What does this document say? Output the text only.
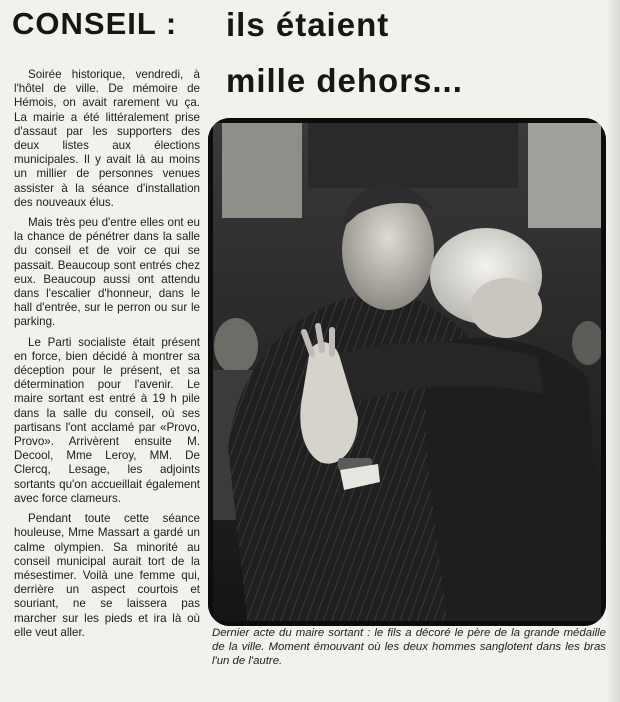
CONSEIL : ils étaient
mille dehors...

Soirée historique, vendredi, à l'hôtel de ville. De mémoire de Hémois, on avait rarement vu ça. La mairie a été littéralement prise d'assaut par les supporters des deux listes aux élections municipales. Il y avait là au moins un millier de personnes venues assister à la séance d'installation des nouveaux élus.

Mais très peu d'entre elles ont eu la chance de pénétrer dans la salle du conseil et de voir ce qui se passait. Beaucoup sont entrés chez eux. Beaucoup aussi ont attendu dans l'escalier d'honneur, dans le hall d'entrée, sur le perron ou sur le parking.

Le Parti socialiste était présent en force, bien décidé à montrer sa déception pour le présent, et sa détermination pour l'avenir. Le maire sortant est entré à 19 h pile dans la salle du conseil, où ses partisans l'ont acclamé par «Provo, Provo». Arrivèrent ensuite M. Decool, Mme Leroy, MM. De Clercq, Lesage, les adjoints sortants qu'on accueillait également avec force clameurs.

Pendant toute cette séance houleuse, Mme Massart a gardé un calme olympien. Sa minorité au conseil municipal aurait tort de la mésestimer. Voilà une femme qui, derrière un aspect courtois et souriant, ne se laissera pas marcher sur les pieds et ira là où elle veut aller.	Dernier acte du maire sortant : le fils a décoré le père de la grande médaille de la ville. Moment émouvant où les deux hommes sanglotent dans les bras l'un de l'autre.
